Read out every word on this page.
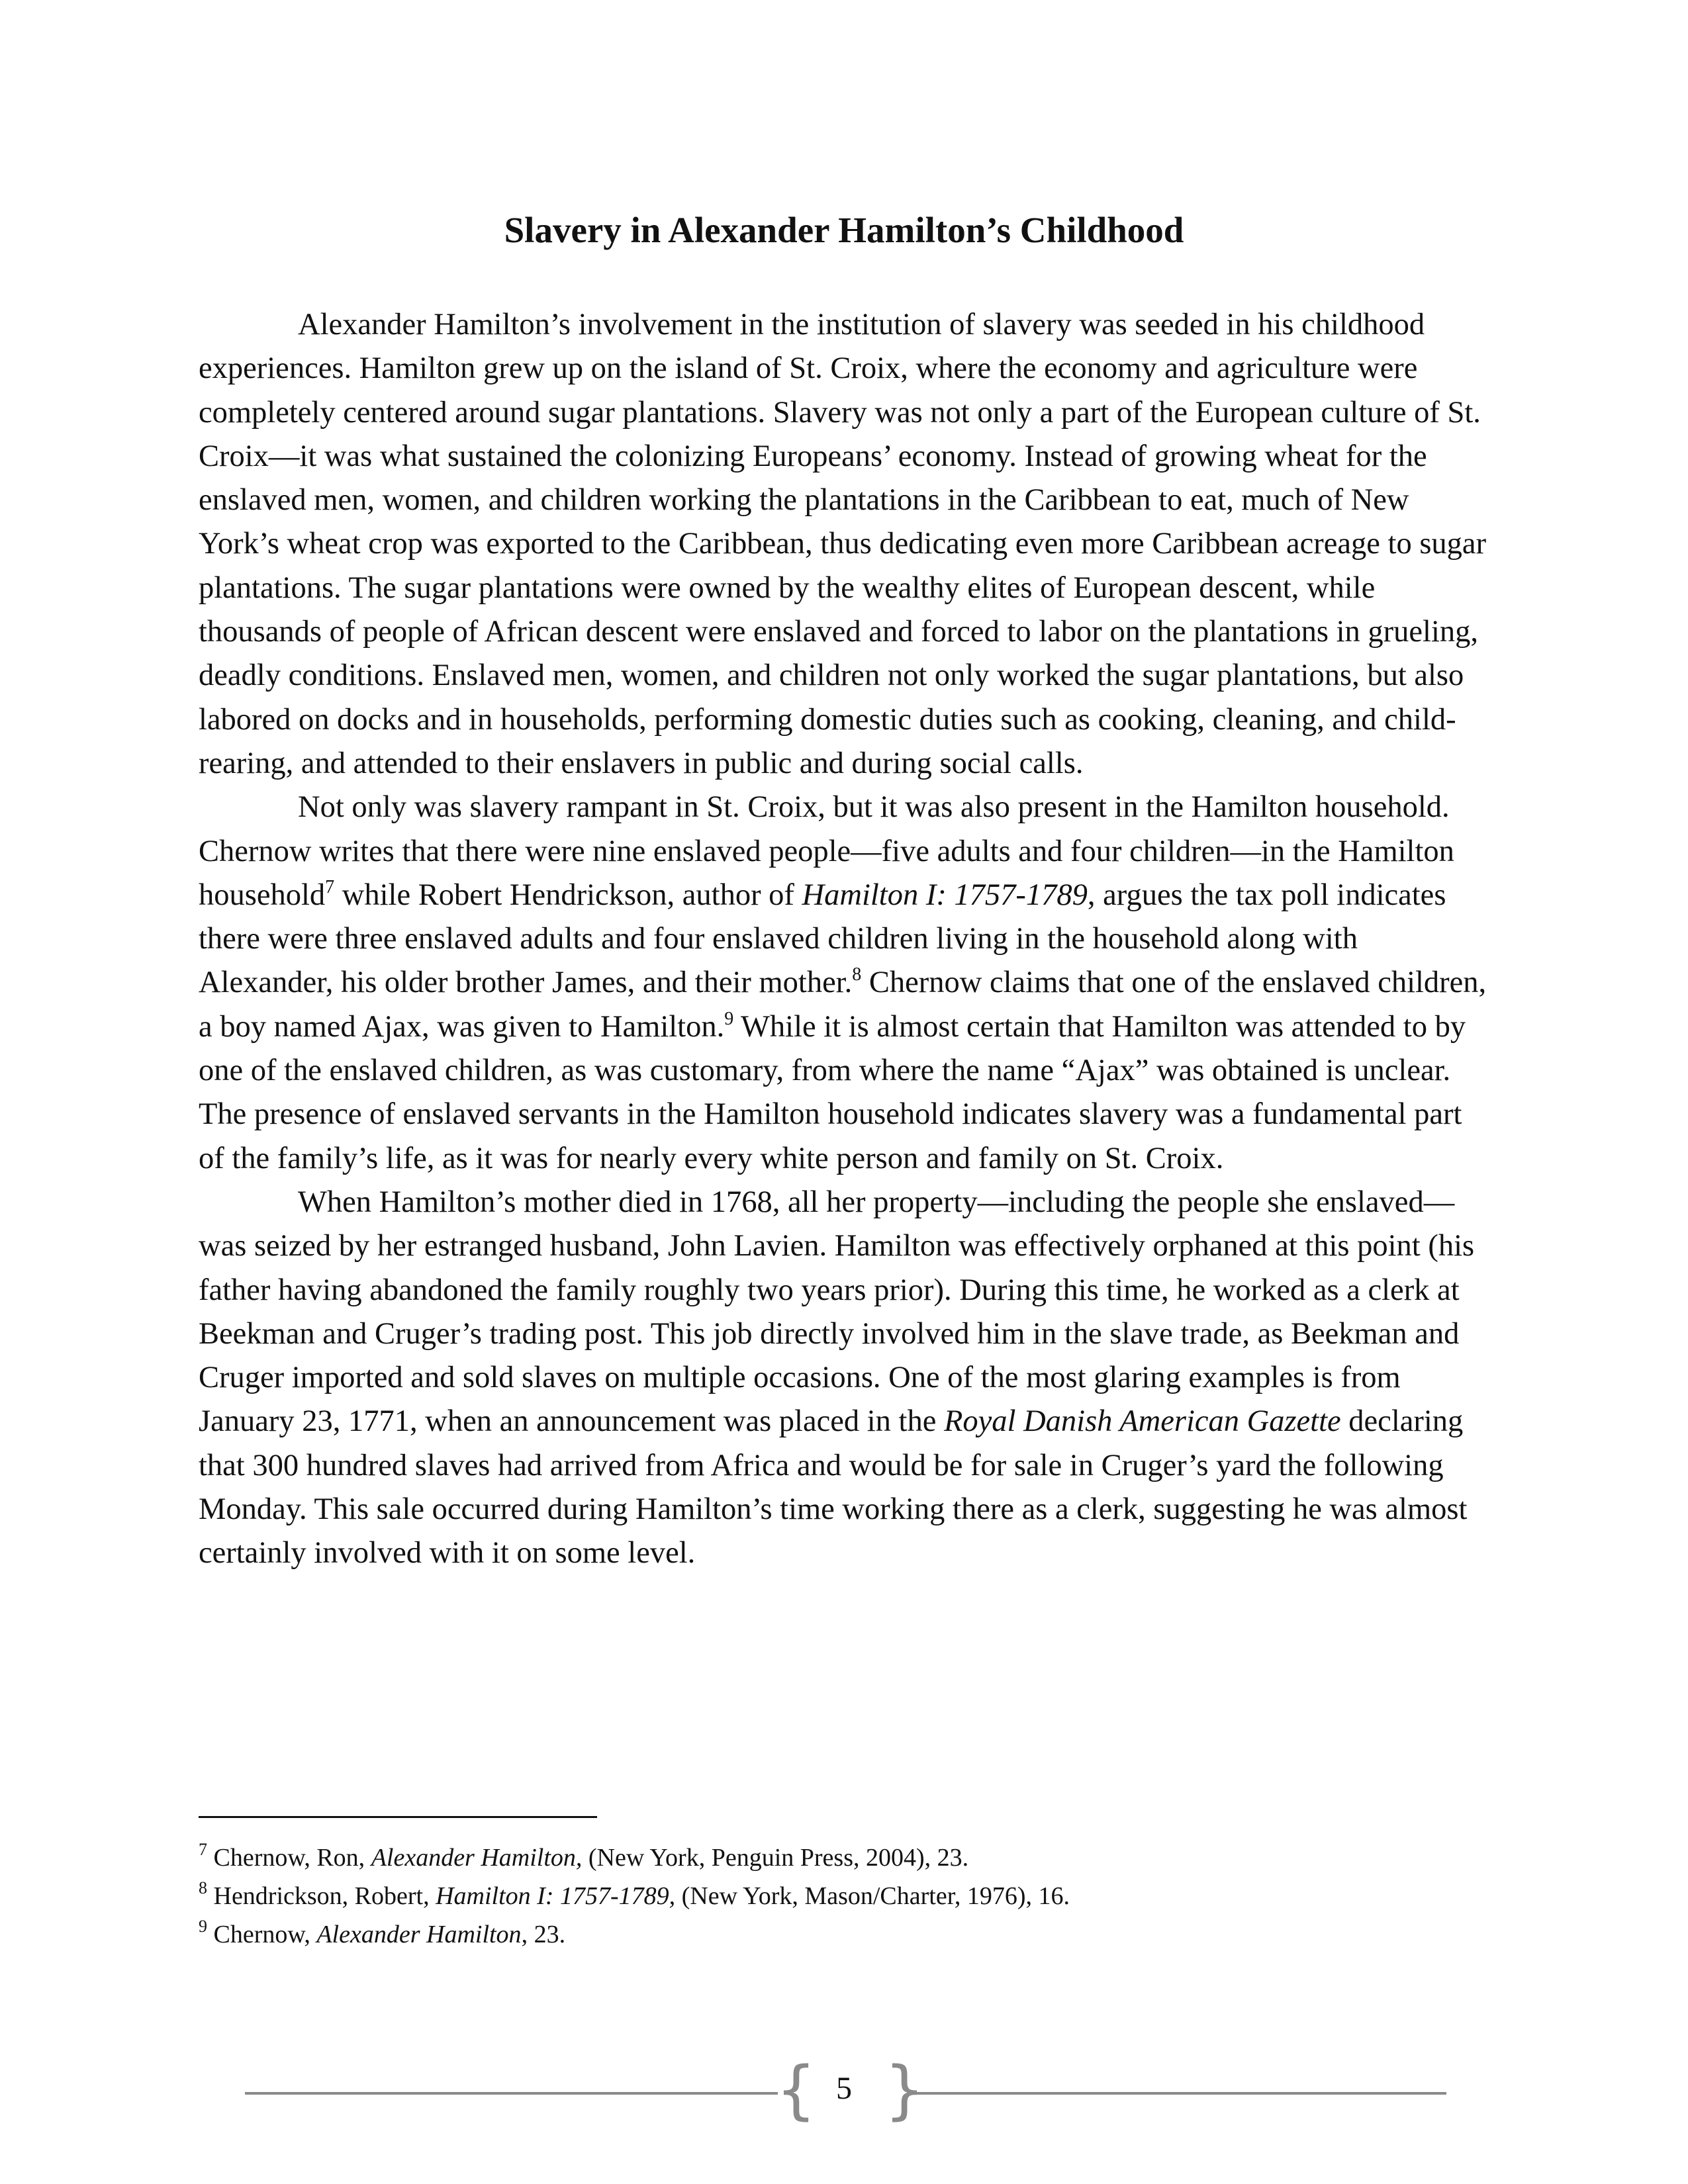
Slavery in Alexander Hamilton’s Childhood

Alexander Hamilton’s involvement in the institution of slavery was seeded in his childhood experiences. Hamilton grew up on the island of St. Croix, where the economy and agriculture were completely centered around sugar plantations. Slavery was not only a part of the European culture of St. Croix—it was what sustained the colonizing Europeans’ economy. Instead of growing wheat for the enslaved men, women, and children working the plantations in the Caribbean to eat, much of New York’s wheat crop was exported to the Caribbean, thus dedicating even more Caribbean acreage to sugar plantations. The sugar plantations were owned by the wealthy elites of European descent, while thousands of people of African descent were enslaved and forced to labor on the plantations in grueling, deadly conditions. Enslaved men, women, and children not only worked the sugar plantations, but also labored on docks and in households, performing domestic duties such as cooking, cleaning, and child-rearing, and attended to their enslavers in public and during social calls.

Not only was slavery rampant in St. Croix, but it was also present in the Hamilton household. Chernow writes that there were nine enslaved people—five adults and four children––in the Hamilton household$^7$ while Robert Hendrickson, author of Hamilton I: 1757-1789, argues the tax poll indicates there were three enslaved adults and four enslaved children living in the household along with Alexander, his older brother James, and their mother.$^8$ Chernow claims that one of the enslaved children, a boy named Ajax, was given to Hamilton.$^9$ While it is almost certain that Hamilton was attended to by one of the enslaved children, as was customary, from where the name “Ajax” was obtained is unclear. The presence of enslaved servants in the Hamilton household indicates slavery was a fundamental part of the family’s life, as it was for nearly every white person and family on St. Croix.

When Hamilton’s mother died in 1768, all her property—including the people she enslaved—was seized by her estranged husband, John Lavien. Hamilton was effectively orphaned at this point (his father having abandoned the family roughly two years prior). During this time, he worked as a clerk at Beekman and Cruger’s trading post. This job directly involved him in the slave trade, as Beekman and Cruger imported and sold slaves on multiple occasions. One of the most glaring examples is from January 23, 1771, when an announcement was placed in the Royal Danish American Gazette declaring that 300 hundred slaves had arrived from Africa and would be for sale in Cruger’s yard the following Monday. This sale occurred during Hamilton’s time working there as a clerk, suggesting he was almost certainly involved with it on some level.

$^7$ Chernow, Ron, Alexander Hamilton, (New York, Penguin Press, 2004), 23.

$^8$ Hendrickson, Robert, Hamilton I: 1757-1789, (New York, Mason/Charter, 1976), 16.

$^9$ Chernow, Alexander Hamilton, 23.

{ 5 }
